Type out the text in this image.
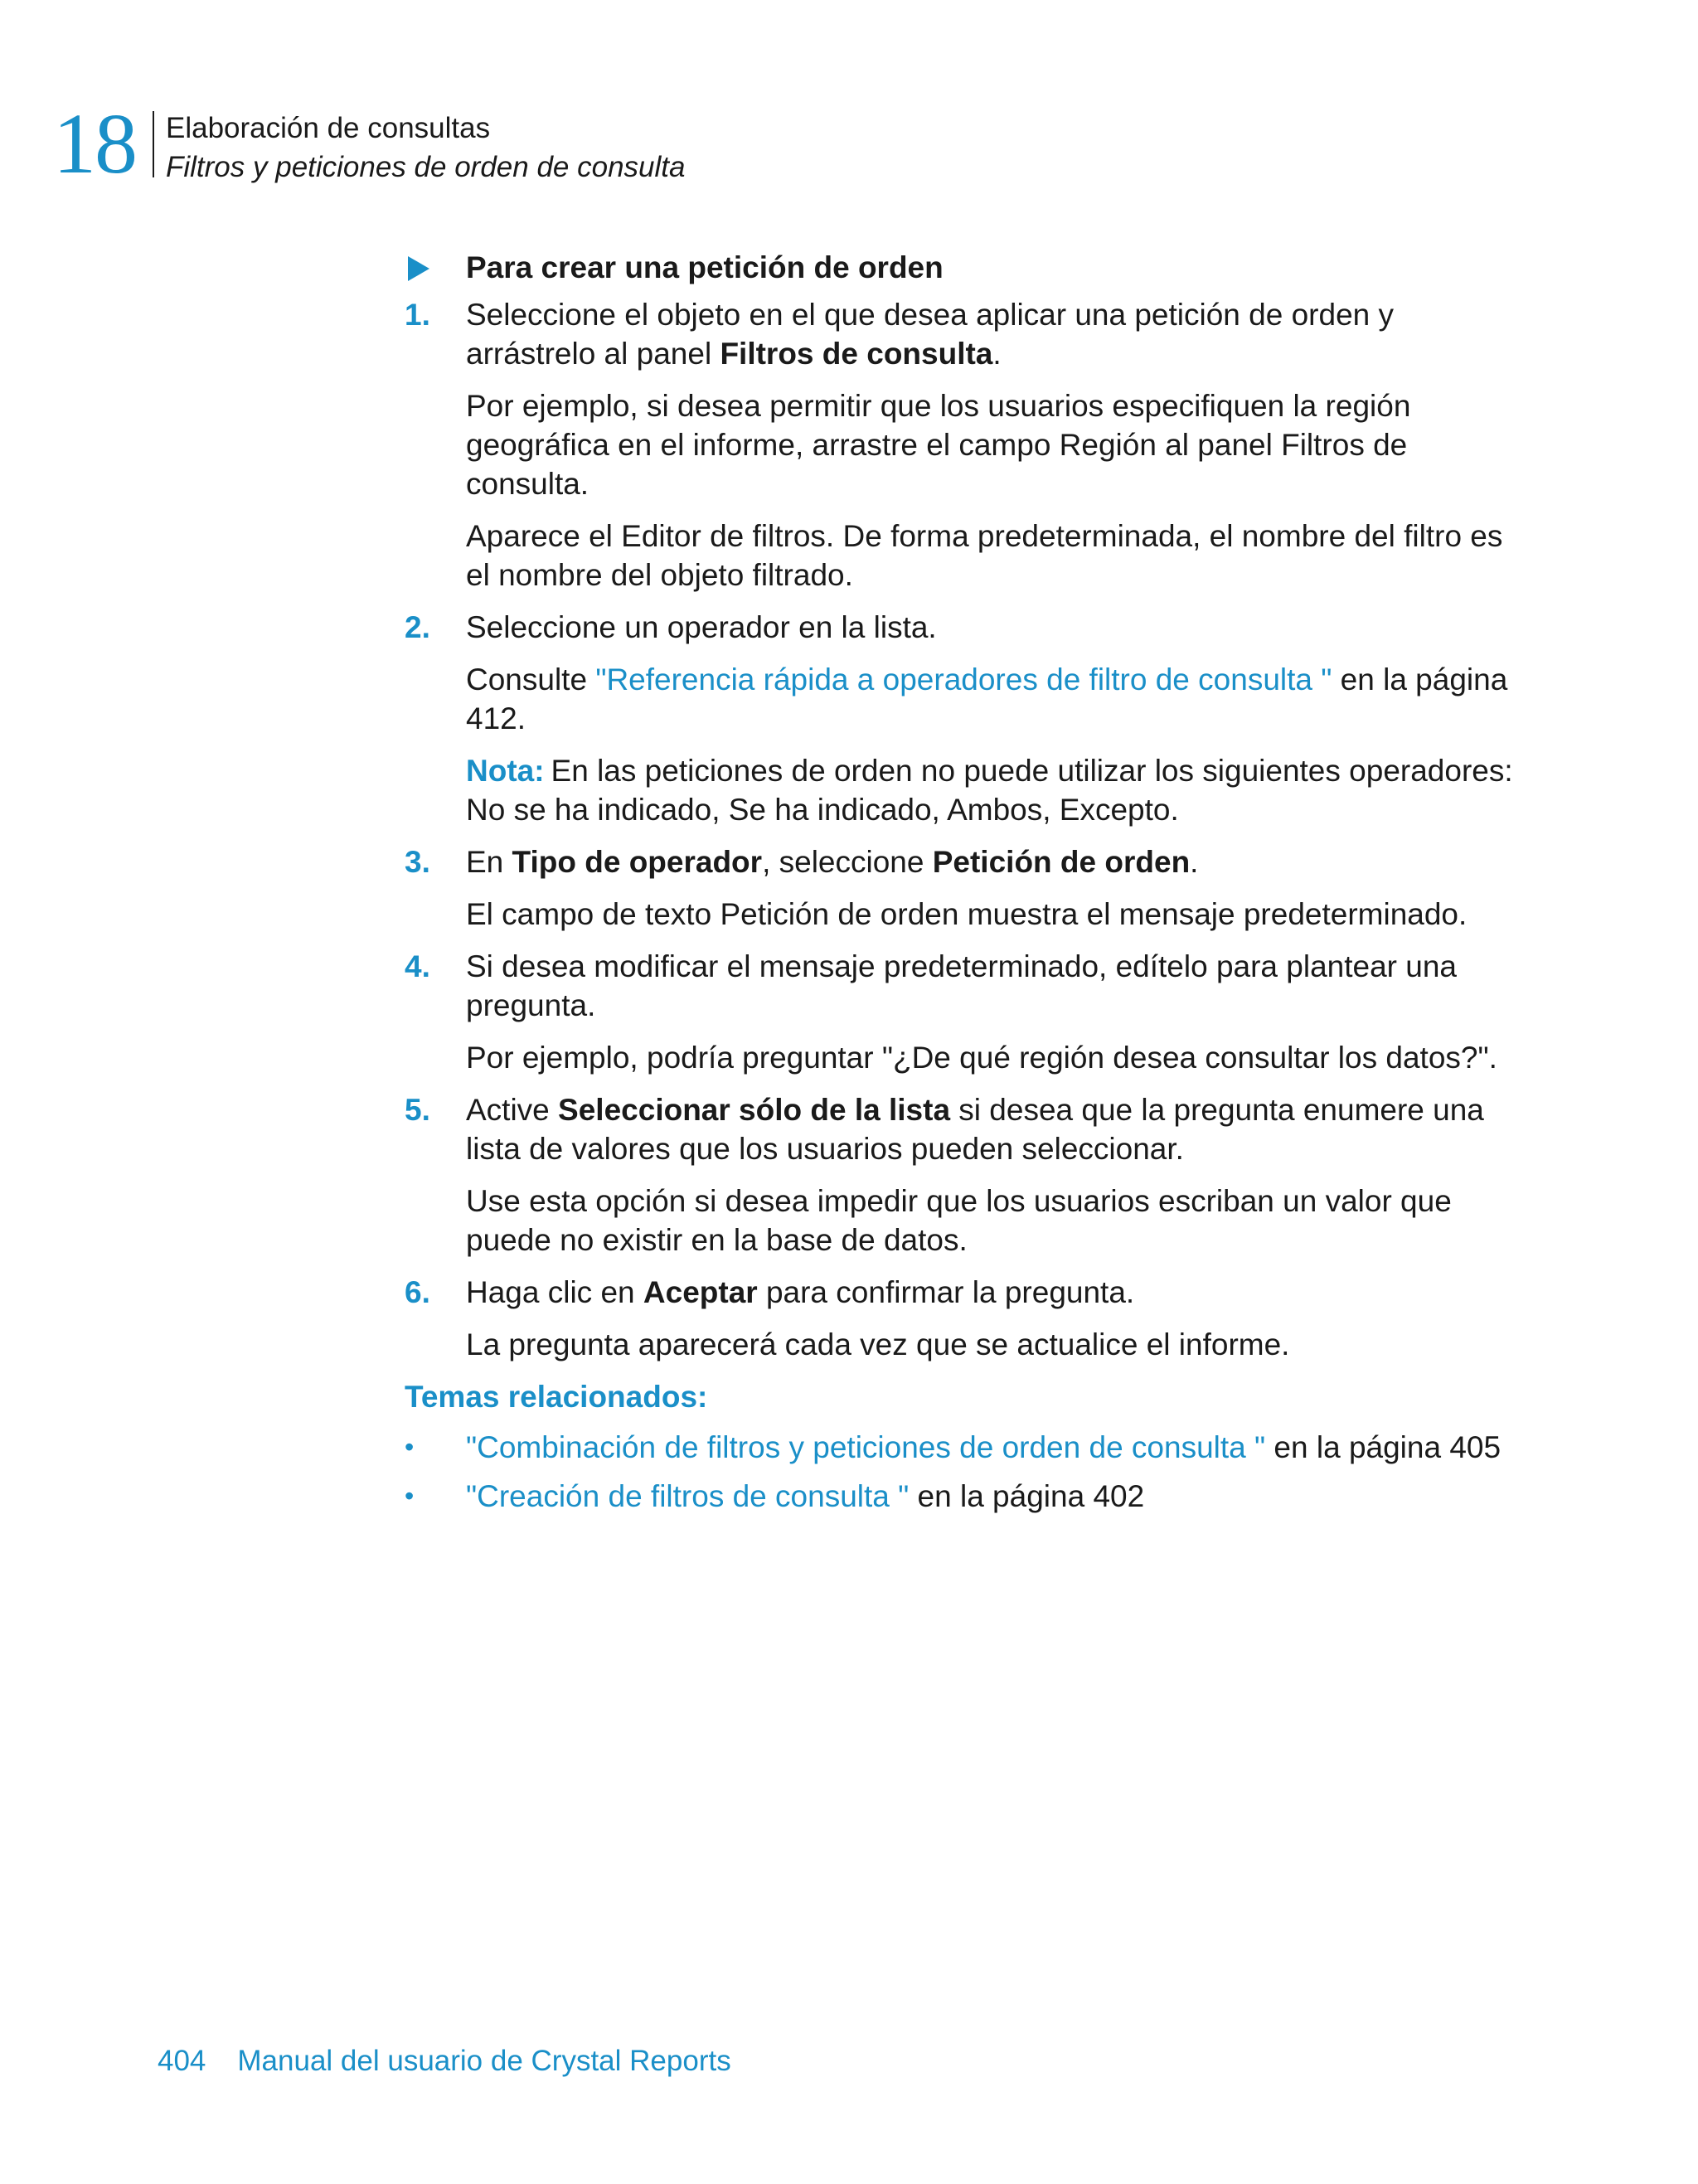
18 Elaboración de consultas
Filtros y peticiones de orden de consulta
Para crear una petición de orden
1. Seleccione el objeto en el que desea aplicar una petición de orden y arrástrelo al panel Filtros de consulta.
Por ejemplo, si desea permitir que los usuarios especifiquen la región geográfica en el informe, arrastre el campo Región al panel Filtros de consulta.
Aparece el Editor de filtros. De forma predeterminada, el nombre del filtro es el nombre del objeto filtrado.
2. Seleccione un operador en la lista.
Consulte "Referencia rápida a operadores de filtro de consulta " en la página 412.
Nota: En las peticiones de orden no puede utilizar los siguientes operadores: No se ha indicado, Se ha indicado, Ambos, Excepto.
3. En Tipo de operador, seleccione Petición de orden.
El campo de texto Petición de orden muestra el mensaje predeterminado.
4. Si desea modificar el mensaje predeterminado, edítelo para plantear una pregunta.
Por ejemplo, podría preguntar "¿De qué región desea consultar los datos?".
5. Active Seleccionar sólo de la lista si desea que la pregunta enumere una lista de valores que los usuarios pueden seleccionar.
Use esta opción si desea impedir que los usuarios escriban un valor que puede no existir en la base de datos.
6. Haga clic en Aceptar para confirmar la pregunta.
La pregunta aparecerá cada vez que se actualice el informe.
Temas relacionados:
• "Combinación de filtros y peticiones de orden de consulta " en la página 405
• "Creación de filtros de consulta " en la página 402
404 Manual del usuario de Crystal Reports
